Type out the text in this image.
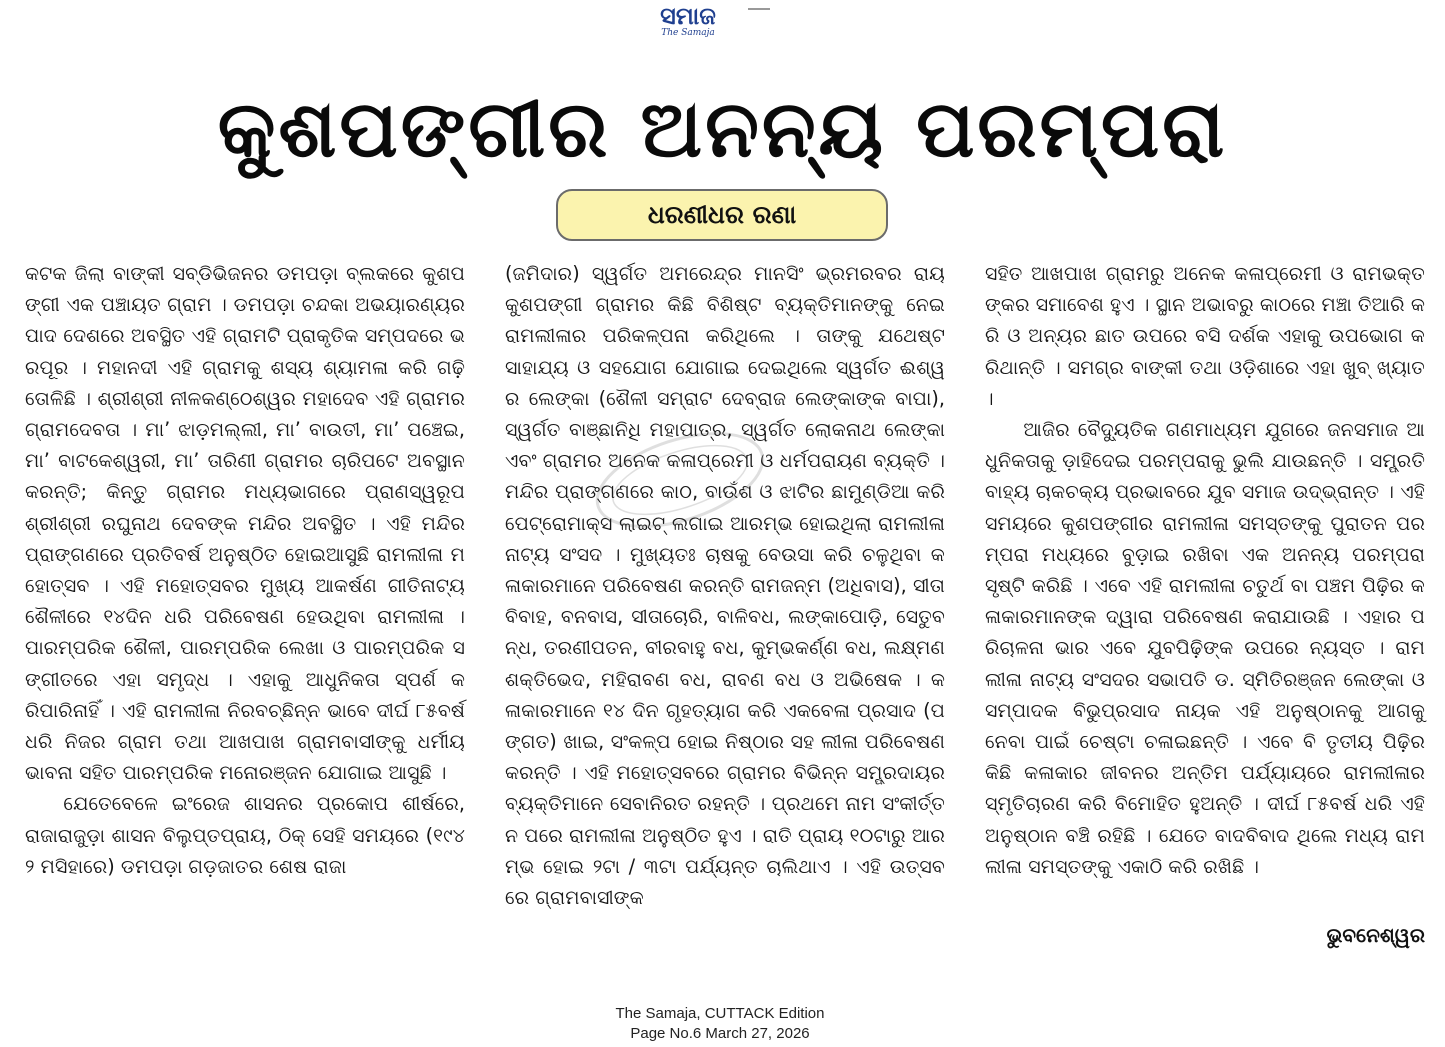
ସମାଜ
The Samaja
କୁଶପଙ୍ଗୀର ଅନନ୍ୟ ପରମ୍ପରା
ଧରଣୀଧର ରଣା

କଟକ ଜିଲା ବାଙ୍କୀ ସବ୍‌ଡିଭିଜନର ଡମପଡ଼ା ବ୍ଲକରେ କୁଶପଙ୍ଗୀ ଏକ ପଞ୍ଚାୟତ ଗ୍ରାମ । ଡମପଡ଼ା ଚନ୍ଦକା ଅଭୟାରଣ୍ୟର ପାଦ ଦେଶରେ ଅବସ୍ଥିତ ଏହି ଗ୍ରାମଟି ପ୍ରାକୃତିକ ସମ୍ପଦରେ ଭରପୂର । ମହାନଦୀ ଏହି ଗ୍ରାମକୁ ଶସ୍ୟ ଶ୍ୟାମଳା କରି ଗଢ଼ି ତୋଳିଛି । ଶ୍ରୀଶ୍ରୀ ନୀଳକଣ୍ଠେଶ୍ୱର ମହାଦେବ ଏହି ଗ୍ରାମର ଗ୍ରାମଦେବତା । ମା’ ଝାଡ଼ମଲ୍ଲୀ, ମା’ ବାଉତୀ, ମା’ ପଞ୍ଚେଇ, ମା’ ବାଟକେଶ୍ୱରୀ, ମା’ ତାରିଣୀ ଗ୍ରାମର ଚାରିପଟେ ଅବସ୍ଥାନ କରନ୍ତି; କିନ୍ତୁ ଗ୍ରାମର ମଧ୍ୟଭାଗରେ ପ୍ରାଣସ୍ୱରୂପ ଶ୍ରୀଶ୍ରୀ ରଘୁନାଥ ଦେବଙ୍କ ମନ୍ଦିର ଅବସ୍ଥିତ । ଏହି ମନ୍ଦିର ପ୍ରାଙ୍ଗଣରେ ପ୍ରତିବର୍ଷ ଅନୁଷ୍ଠିତ ହୋଇଆସୁଛି ରାମଲୀଳା ମହୋତ୍ସବ । ଏହି ମହୋତ୍ସବର ମୁଖ୍ୟ ଆକର୍ଷଣ ଗୀତିନାଟ୍ୟ ଶୈଳୀରେ ୧୪ଦିନ ଧରି ପରିବେଷଣ ହେଉଥିବା ରାମଲୀଳା । ପାରମ୍ପରିକ ଶୈଳୀ, ପାରମ୍ପରିକ ଲେଖା ଓ ପାରମ୍ପରିକ ସଙ୍ଗୀତରେ ଏହା ସମୃଦ୍ଧ । ଏହାକୁ ଆଧୁନିକତା ସ୍ପର୍ଶ କରିପାରିନାହିଁ । ଏହି ରାମଲୀଳା ନିରବଚ୍ଛିନ୍ନ ଭାବେ ଦୀର୍ଘ ୮୫ବର୍ଷ ଧରି ନିଜର ଗ୍ରାମ ତଥା ଆଖପାଖ ଗ୍ରାମବାସୀଙ୍କୁ ଧର୍ମୀୟ ଭାବନା ସହିତ ପାରମ୍ପରିକ ମନୋରଞ୍ଜନ ଯୋଗାଇ ଆସୁଛି ।

ଯେତେବେଳେ ଇଂରେଜ ଶାସନର ପ୍ରକୋପ ଶୀର୍ଷରେ, ରାଜାରାଜୁଡ଼ା ଶାସନ ବିଲୁପ୍ତପ୍ରାୟ, ଠିକ୍ ସେହି ସମୟରେ (୧୯୪୨ ମସିହାରେ) ଡମପଡ଼ା ଗଡ଼ଜାତର ଶେଷ ରାଜା

(ଜମିଦାର) ସ୍ୱର୍ଗତ ଅମରେନ୍ଦ୍ର ମାନସିଂ ଭ୍ରମରବର ରାୟ କୁଶପଙ୍ଗୀ ଗ୍ରାମର କିଛି ବିଶିଷ୍ଟ ବ୍ୟକ୍ତିମାନଙ୍କୁ ନେଇ ରାମଲୀଳାର ପରିକଳ୍ପନା କରିଥିଲେ । ତାଙ୍କୁ ଯଥେଷ୍ଟ ସାହାଯ୍ୟ ଓ ସହଯୋଗ ଯୋଗାଇ ଦେଇଥିଲେ ସ୍ୱର୍ଗତ ଈଶ୍ୱର ଲେଙ୍କା (ଶୈଳୀ ସମ୍ରାଟ ଦେବ୍ରାଜ ଲେଙ୍କାଙ୍କ ବାପା), ସ୍ୱର୍ଗତ ବାଞ୍ଛାନିଧି ମହାପାତ୍ର, ସ୍ୱର୍ଗତ ଲୋକନାଥ ଲେଙ୍କା ଏବଂ ଗ୍ରାମର ଅନେକ କଳାପ୍ରେମୀ ଓ ଧର୍ମପରାୟଣ ବ୍ୟକ୍ତି । ମନ୍ଦିର ପ୍ରାଙ୍ଗଣରେ କାଠ, ବାଉଁଶ ଓ ଝାଟିର ଛାମୁଣ୍ଡିଆ କରି ପେଟ୍ରୋମାକ୍ସ ଲାଇଟ୍ ଲଗାଇ ଆରମ୍ଭ ହୋଇଥିଲା ରାମଲୀଳା ନାଟ୍ୟ ସଂସଦ । ମୁଖ୍ୟତଃ ଚାଷକୁ ବେଉସା କରି ଚଳୁଥିବା କଳାକାରମାନେ ପରିବେଷଣ କରନ୍ତି ରାମଜନ୍ମ (ଅଧିବାସ), ସୀତା ବିବାହ, ବନବାସ, ସୀତାଚୋରି, ବାଳିବଧ, ଲଙ୍କାପୋଡ଼ି, ସେତୁବନ୍ଧ, ତରଣୀପତନ, ବୀରବାହୁ ବଧ, କୁମ୍ଭକର୍ଣ୍ଣ ବଧ, ଲକ୍ଷ୍ମଣ ଶକ୍ତିଭେଦ, ମହିରାବଣ ବଧ, ରାବଣ ବଧ ଓ ଅଭିଷେକ । କଳାକାରମାନେ ୧୪ ଦିନ ଗୃହତ୍ୟାଗ କରି ଏକବେଳା ପ୍ରସାଦ (ପଙ୍ଗତ) ଖାଇ, ସଂକଳ୍ପ ହୋଇ ନିଷ୍ଠାର ସହ ଲୀଳା ପରିବେଷଣ କରନ୍ତି । ଏହି ମହୋତ୍ସବରେ ଗ୍ରାମର ବିଭିନ୍ନ ସମ୍ପ୍ରଦାୟର ବ୍ୟକ୍ତିମାନେ ସେବାନିରତ ରହନ୍ତି । ପ୍ରଥମେ ନାମ ସଂକୀର୍ତ୍ତନ ପରେ ରାମଲୀଳା ଅନୁଷ୍ଠିତ ହୁଏ । ରାତି ପ୍ରାୟ ୧୦ଟାରୁ ଆରମ୍ଭ ହୋଇ ୨ଟା / ୩ଟା ପର୍ଯ୍ୟନ୍ତ ଚାଲିଥାଏ । ଏହି ଉତ୍ସବରେ ଗ୍ରାମବାସୀଙ୍କ

ସହିତ ଆଖପାଖ ଗ୍ରାମରୁ ଅନେକ କଳାପ୍ରେମୀ ଓ ରାମଭକ୍ତଙ୍କର ସମାବେଶ ହୁଏ । ସ୍ଥାନ ଅଭାବରୁ କାଠରେ ମଞ୍ଚା ତିଆରି କରି ଓ ଅନ୍ୟର ଛାତ ଉପରେ ବସି ଦର୍ଶକ ଏହାକୁ ଉପଭୋଗ କରିଥାନ୍ତି । ସମଗ୍ର ବାଙ୍କୀ ତଥା ଓଡ଼ିଶାରେ ଏହା ଖୁବ୍ ଖ୍ୟାତ ।

ଆଜିର ବୈଦ୍ୟୁତିକ ଗଣମାଧ୍ୟମ ଯୁଗରେ ଜନସମାଜ ଆଧୁନିକତାକୁ ଡ଼ାହିଦେଇ ପରମ୍ପରାକୁ ଭୁଲି ଯାଉଛନ୍ତି । ସମ୍ପ୍ରତି ବାହ୍ୟ ଚାକଚକ୍ୟ ପ୍ରଭାବରେ ଯୁବ ସମାଜ ଉଦ୍‌ଭ୍ରାନ୍ତ । ଏହି ସମୟରେ କୁଶପଙ୍ଗୀର ରାମଲୀଳା ସମସ୍ତଙ୍କୁ ପୁରାତନ ପରମ୍ପରା ମଧ୍ୟରେ ବୁଡ଼ାଇ ରଖିବା ଏକ ଅନନ୍ୟ ପରମ୍ପରା ସୃଷ୍ଟି କରିଛି । ଏବେ ଏହି ରାମଲୀଳା ଚତୁର୍ଥ ବା ପଞ୍ଚମ ପିଢ଼ିର କଳାକାରମାନଙ୍କ ଦ୍ୱାରା ପରିବେଷଣ କରାଯାଉଛି । ଏହାର ପରିଚାଳନା ଭାର ଏବେ ଯୁବପିଢ଼ିଙ୍କ ଉପରେ ନ୍ୟସ୍ତ । ରାମଲୀଳା ନାଟ୍ୟ ସଂସଦର ସଭାପତି ଡ. ସ୍ମିତିରଞ୍ଜନ ଲେଙ୍କା ଓ ସମ୍ପାଦକ ବିଭୁପ୍ରସାଦ ନାୟକ ଏହି ଅନୁଷ୍ଠାନକୁ ଆଗକୁ ନେବା ପାଇଁ ଚେଷ୍ଟା ଚଳାଇଛନ୍ତି । ଏବେ ବି ତୃତୀୟ ପିଢ଼ିର କିଛି କଳାକାର ଜୀବନର ଅନ୍ତିମ ପର୍ଯ୍ୟାୟରେ ରାମଲୀଳାର ସ୍ମୃତିଚାରଣ କରି ବିମୋହିତ ହୁଅନ୍ତି । ଦୀର୍ଘ ୮୫ବର୍ଷ ଧରି ଏହି ଅନୁଷ୍ଠାନ ବଞ୍ଚି ରହିଛି । ଯେତେ ବାଦବିବାଦ ଥିଲେ ମଧ୍ୟ ରାମଲୀଳା ସମସ୍ତଙ୍କୁ ଏକାଠି କରି ରଖିଛି ।

ଭୁବନେଶ୍ୱର
The Samaja, CUTTACK Edition
Page No.6 March 27, 2026
